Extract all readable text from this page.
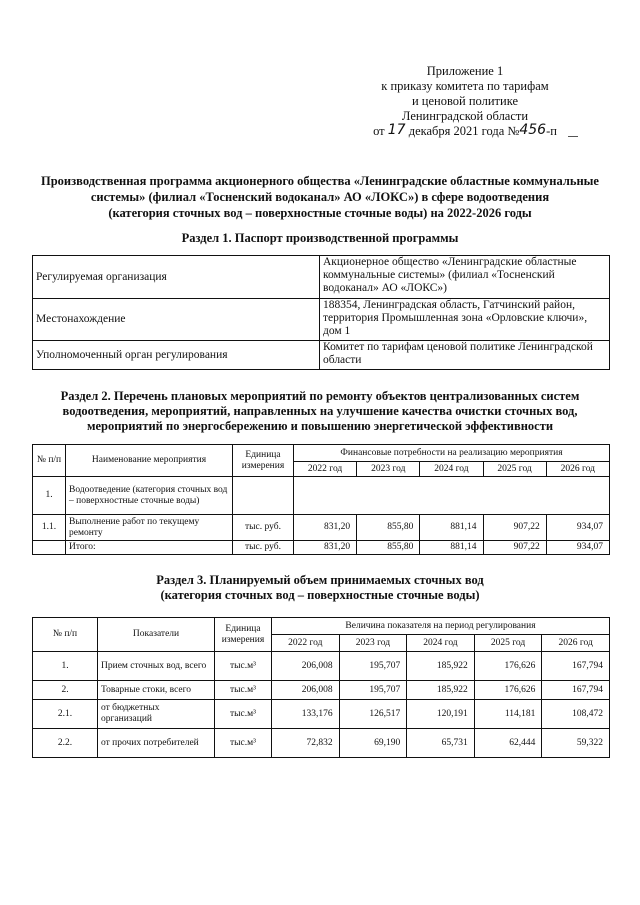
Приложение 1
к приказу комитета по тарифам
и ценовой политике
Ленинградской области
от 17 декабря 2021 года №456-п
Производственная программа акционерного общества «Ленинградские областные коммунальные
системы» (филиал «Тосненский водоканал» АО «ЛОКС») в сфере водоотведения
(категория сточных вод – поверхностные сточные воды) на 2022-2026 годы
Раздел 1. Паспорт производственной программы
Регулируемая организация	Акционерное общество «Ленинградские областные коммунальные системы» (филиал «Тосненский водоканал» АО «ЛОКС»)
Местонахождение	188354, Ленинградская область, Гатчинский район, территория Промышленная зона «Орловские ключи», дом 1
Уполномоченный орган регулирования	Комитет по тарифам ценовой политике Ленинградской области
Раздел 2. Перечень плановых мероприятий по ремонту объектов централизованных систем
водоотведения, мероприятий, направленных на улучшение качества очистки сточных вод,
мероприятий по энергосбережению и повышению энергетической эффективности
№ п/п	Наименование мероприятия	Единица измерения	Финансовые потребности на реализацию мероприятия				
			2022 год	2023 год	2024 год	2025 год	2026 год
1.	Водоотведение (категория сточных вод – поверхностные сточные воды)						
1.1.	Выполнение работ по текущему ремонту	тыс. руб.	831,20	855,80	881,14	907,22	934,07
	Итого:	тыс. руб.	831,20	855,80	881,14	907,22	934,07
Раздел 3. Планируемый объем принимаемых сточных вод
(категория сточных вод – поверхностные сточные воды)
№ п/п	Показатели	Единица измерения	Величина показателя на период регулирования				
			2022 год	2023 год	2024 год	2025 год	2026 год
1.	Прием сточных вод, всего	тыс.м³	206,008	195,707	185,922	176,626	167,794
2.	Товарные стоки, всего	тыс.м³	206,008	195,707	185,922	176,626	167,794
2.1.	от бюджетных организаций	тыс.м³	133,176	126,517	120,191	114,181	108,472
2.2.	от прочих потребителей	тыс.м³	72,832	69,190	65,731	62,444	59,322
